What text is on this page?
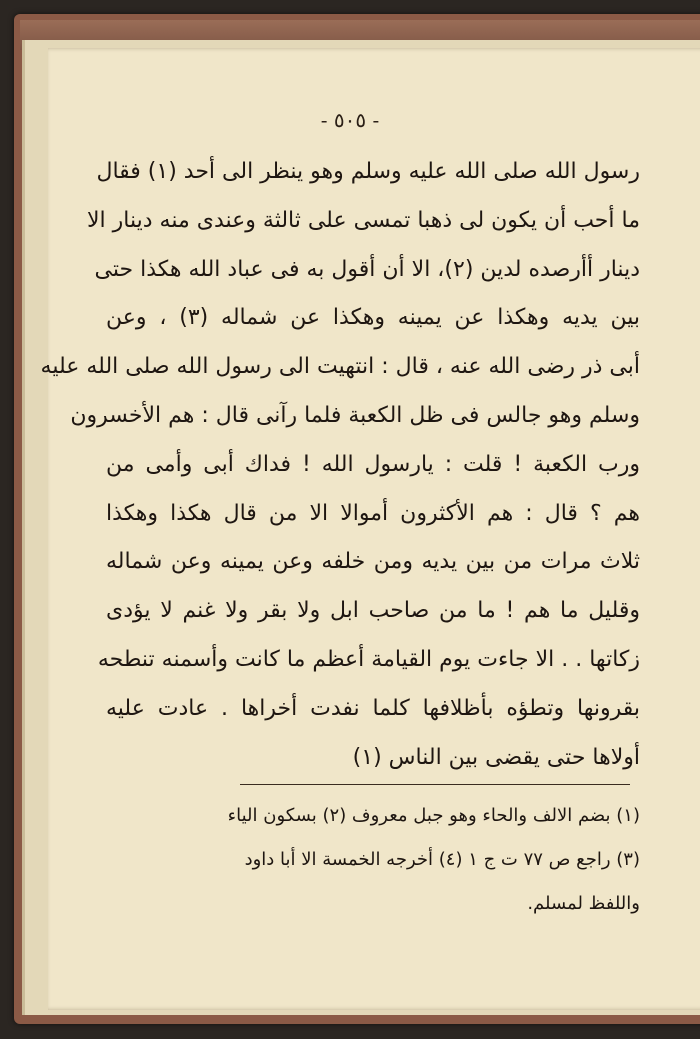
- ٥٠٥ -
رسول الله صلى الله عليه وسلم وهو ينظر الى أحد (١) فقال
ما أحب أن يكون لى ذهبا تمسى على ثالثة وعندى منه دينار الا
دينار أأرصده لدين (٢)، الا أن أقول به فى عباد الله هكذا حتى
بين يديه وهكذا عن يمينه وهكذا عن شماله (٣) ، وعن
أبى ذر رضى الله عنه ، قال : انتهيت الى رسول الله صلى الله عليه
وسلم وهو جالس فى ظل الكعبة فلما رآنى قال : هم الأخسرون
ورب الكعبة ! قلت : يارسول الله ! فداك أبى وأمى من
هم ؟ قال : هم الأكثرون أموالا الا من قال هكذا وهكذا
ثلاث مرات من بين يديه ومن خلفه وعن يمينه وعن شماله
وقليل ما هم ! ما من صاحب ابل ولا بقر ولا غنم لا يؤدى
زكاتها . . الا جاءت يوم القيامة أعظم ما كانت وأسمنه تنطحه
بقرونها وتطؤه بأظلافها كلما نفدت أخراها . عادت عليه
أولاها حتى يقضى بين الناس (١)
(١) بضم الالف والحاء وهو جبل معروف (٢) بسكون الياء
(٣) راجع ص ٧٧ ت ج ١ (٤) أخرجه الخمسة الا أبا داود
واللفظ لمسلم.
